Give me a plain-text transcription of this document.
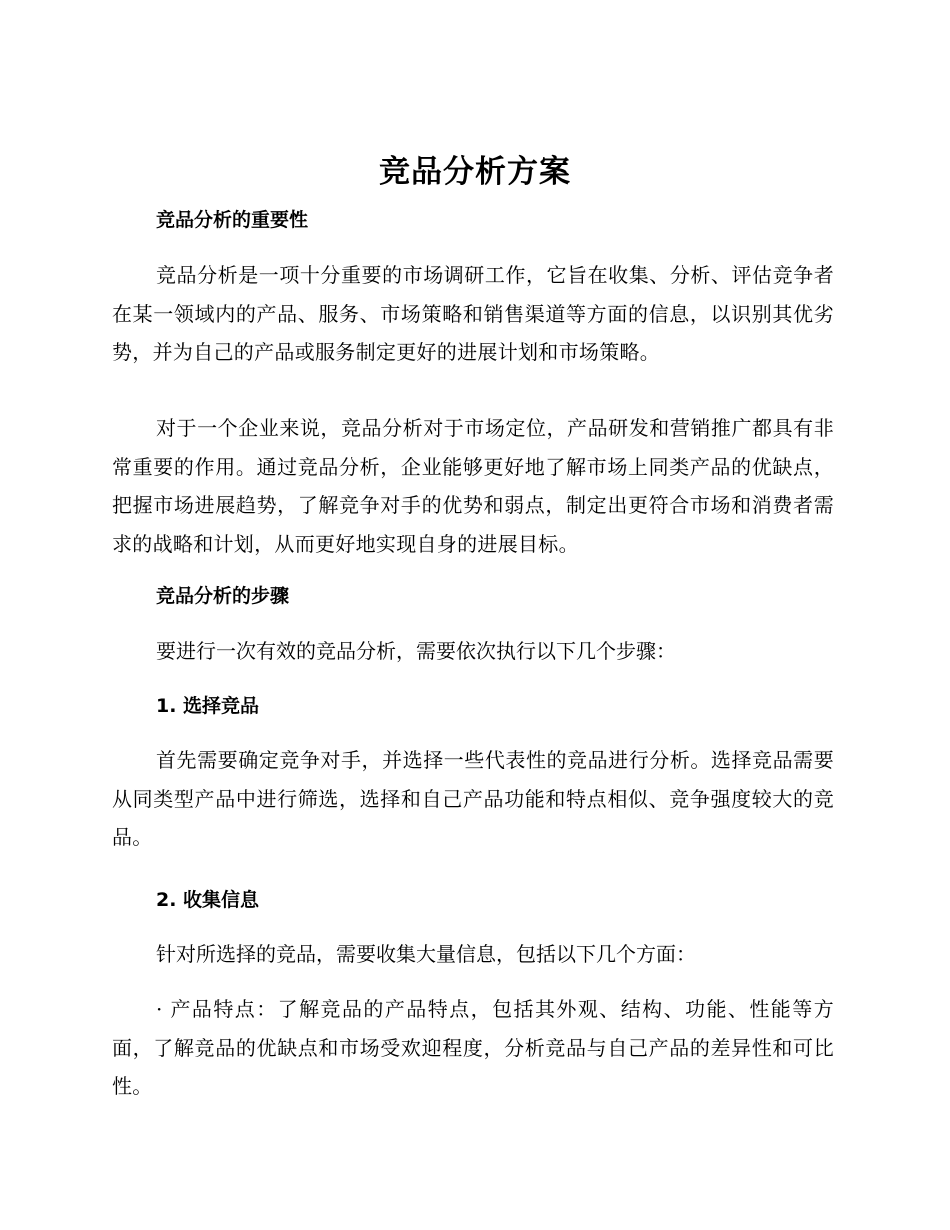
竞品分析方案
竞品分析的重要性
竞品分析是一项十分重要的市场调研工作，它旨在收集、分析、评估竞争者在某一领域内的产品、服务、市场策略和销售渠道等方面的信息，以识别其优劣势，并为自己的产品或服务制定更好的进展计划和市场策略。
对于一个企业来说，竞品分析对于市场定位，产品研发和营销推广都具有非常重要的作用。通过竞品分析，企业能够更好地了解市场上同类产品的优缺点，把握市场进展趋势，了解竞争对手的优势和弱点，制定出更符合市场和消费者需求的战略和计划，从而更好地实现自身的进展目标。
竞品分析的步骤
要进行一次有效的竞品分析，需要依次执行以下几个步骤：
1. 选择竞品
首先需要确定竞争对手，并选择一些代表性的竞品进行分析。选择竞品需要从同类型产品中进行筛选，选择和自己产品功能和特点相似、竞争强度较大的竞品。
2. 收集信息
针对所选择的竞品，需要收集大量信息，包括以下几个方面：
· 产品特点：了解竞品的产品特点，包括其外观、结构、功能、性能等方面，了解竞品的优缺点和市场受欢迎程度，分析竞品与自己产品的差异性和可比性。
